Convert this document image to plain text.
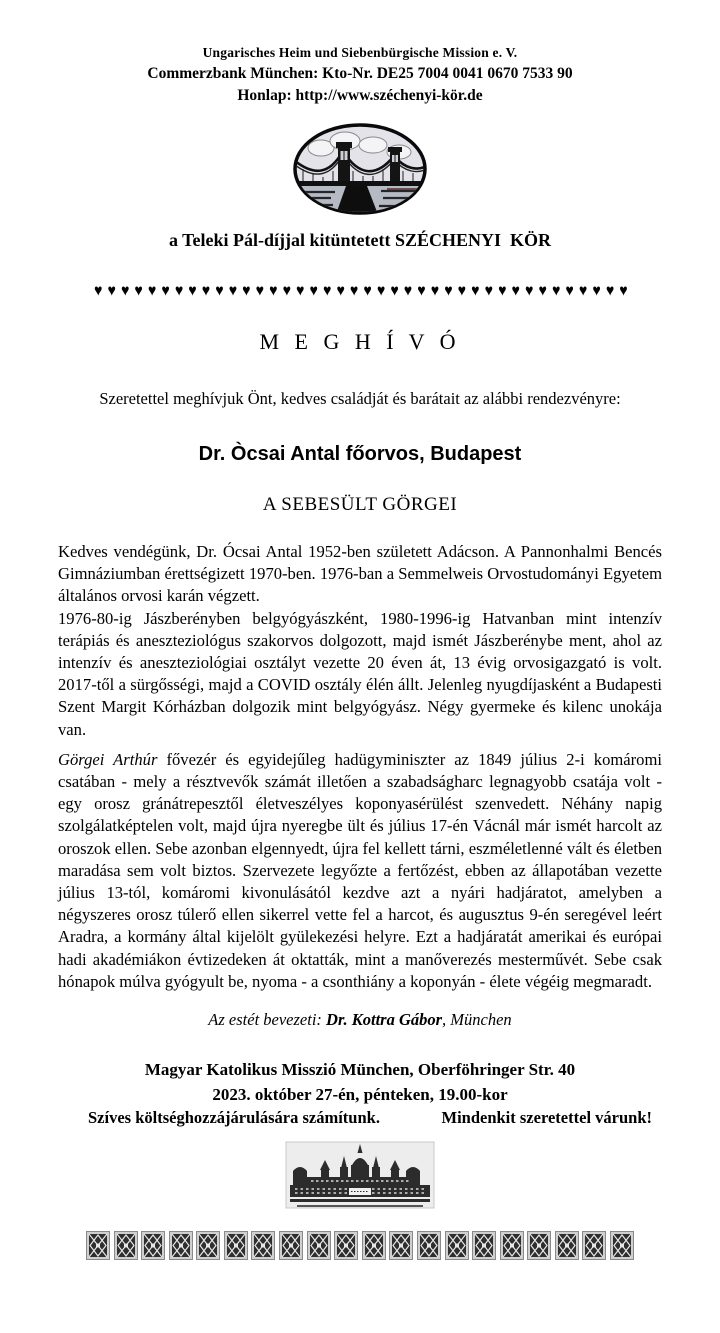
Ungarisches Heim und Siebenbürgische Mission e. V.
Commerzbank München: Kto-Nr. DE25 7004 0041 0670 7533 90
Honlap: http://www.széchenyi-kör.de
a Teleki Pál-díjjal kitüntetett SZÉCHENYI  KÖR
♥ ♥ ♥ ♥ ♥ ♥ ♥ ♥ ♥ ♥ ♥ ♥ ♥ ♥ ♥ ♥ ♥ ♥ ♥ ♥ ♥ ♥ ♥ ♥ ♥ ♥ ♥ ♥ ♥ ♥ ♥ ♥ ♥ ♥ ♥ ♥ ♥ ♥ ♥ ♥
M E G H Í V Ó

Szeretettel meghívjuk Önt, kedves családját és barátait az alábbi rendezvényre:

Dr. Òcsai Antal főorvos, Budapest
A SEBESÜLT GÖRGEI

Kedves vendégünk, Dr. Ócsai Antal 1952-ben született Adácson. A Pannonhalmi Bencés Gimnáziumban érettségizett 1970-ben. 1976-ban a Semmelweis Orvostudományi Egyetem általános orvosi karán végzett.

1976-80-ig Jászberényben belgyógyászként, 1980-1996-ig Hatvanban mint intenzív terápiás és aneszteziológus szakorvos dolgozott, majd ismét Jászberénybe ment, ahol az intenzív és aneszteziológiai osztályt vezette 20 éven át, 13 évig orvosigazgató is volt. 2017-től a sürgősségi, majd a COVID osztály élén állt. Jelenleg nyugdíjasként a Budapesti Szent Margit Kórházban dolgozik mint belgyógyász. Négy gyermeke és kilenc unokája van.

Görgei Arthúr fővezér és egyidejűleg hadügyminiszter az 1849 július 2-i komáromi csatában - mely a résztvevők számát illetően a szabadságharc legnagyobb csatája volt - egy orosz gránátrepesztől életveszélyes koponyasérülést szenvedett. Néhány napig szolgálatképtelen volt, majd újra nyeregbe ült és július 17-én Vácnál már ismét harcolt az oroszok ellen. Sebe azonban elgennyedt, újra fel kellett tárni, eszméletlenné vált és életben maradása sem volt biztos. Szervezete legyőzte a fertőzést, ebben az állapotában vezette július 13-tól, komáromi kivonulásától kezdve azt a nyári hadjáratot, amelyben a négyszeres orosz túlerő ellen sikerrel vette fel a harcot, és augusztus 9-én seregével leért Aradra, a kormány által kijelölt gyülekezési helyre. Ezt a hadjáratát amerikai és európai hadi akadémiákon évtizedeken át oktatták, mint a manőverezés mesterművét. Sebe csak hónapok múlva gyógyult be, nyoma - a csonthiány a koponyán - élete végéig megmaradt.

Az estét bevezeti: Dr. Kottra Gábor, München

Magyar Katolikus Misszió München, Oberföhringer Str. 40
2023. október 27-én, pénteken, 19.00-kor
Szíves költséghozzájárulására számítunk.	Mindenkit szeretettel várunk!
